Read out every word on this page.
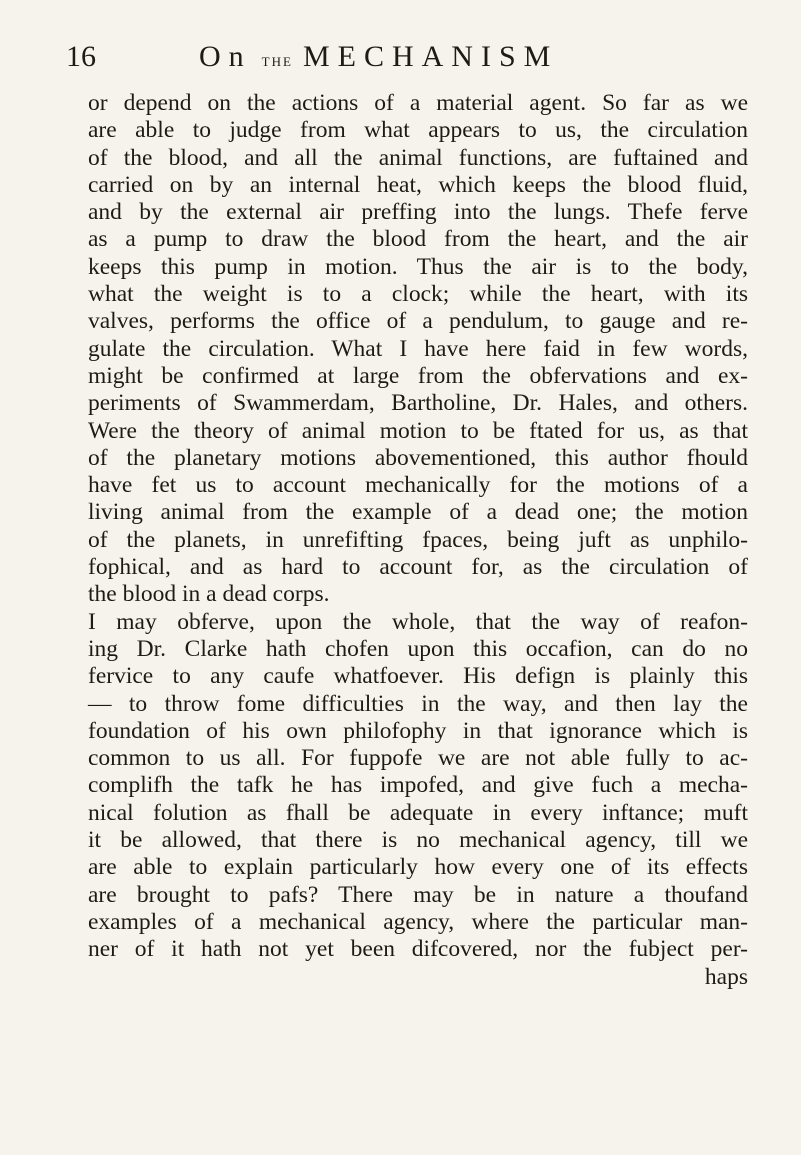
16	On the MECHANISM
or depend on the actions of a material agent. So far as we
are able to judge from what appears to us, the circulation
of the blood, and all the animal functions, are fuftained and
carried on by an internal heat, which keeps the blood fluid,
and by the external air preffing into the lungs. Thefe ferve
as a pump to draw the blood from the heart, and the air
keeps this pump in motion. Thus the air is to the body,
what the weight is to a clock; while the heart, with its
valves, performs the office of a pendulum, to gauge and re-
gulate the circulation. What I have here faid in few words,
might be confirmed at large from the obfervations and ex-
periments of Swammerdam, Bartholine, Dr. Hales, and others.
Were the theory of animal motion to be ftated for us, as that
of the planetary motions abovementioned, this author fhould
have fet us to account mechanically for the motions of a
living animal from the example of a dead one; the motion
of the planets, in unrefifting fpaces, being juft as unphilo-
fophical, and as hard to account for, as the circulation of
the blood in a dead corps.
I may obferve, upon the whole, that the way of reafon-
ing Dr. Clarke hath chofen upon this occafion, can do no
fervice to any caufe whatfoever. His defign is plainly this
— to throw fome difficulties in the way, and then lay the
foundation of his own philofophy in that ignorance which is
common to us all. For fuppofe we are not able fully to ac-
complifh the tafk he has impofed, and give fuch a mecha-
nical folution as fhall be adequate in every inftance; muft
it be allowed, that there is no mechanical agency, till we
are able to explain particularly how every one of its effects
are brought to pafs? There may be in nature a thoufand
examples of a mechanical agency, where the particular man-
ner of it hath not yet been difcovered, nor the fubject per-
haps
